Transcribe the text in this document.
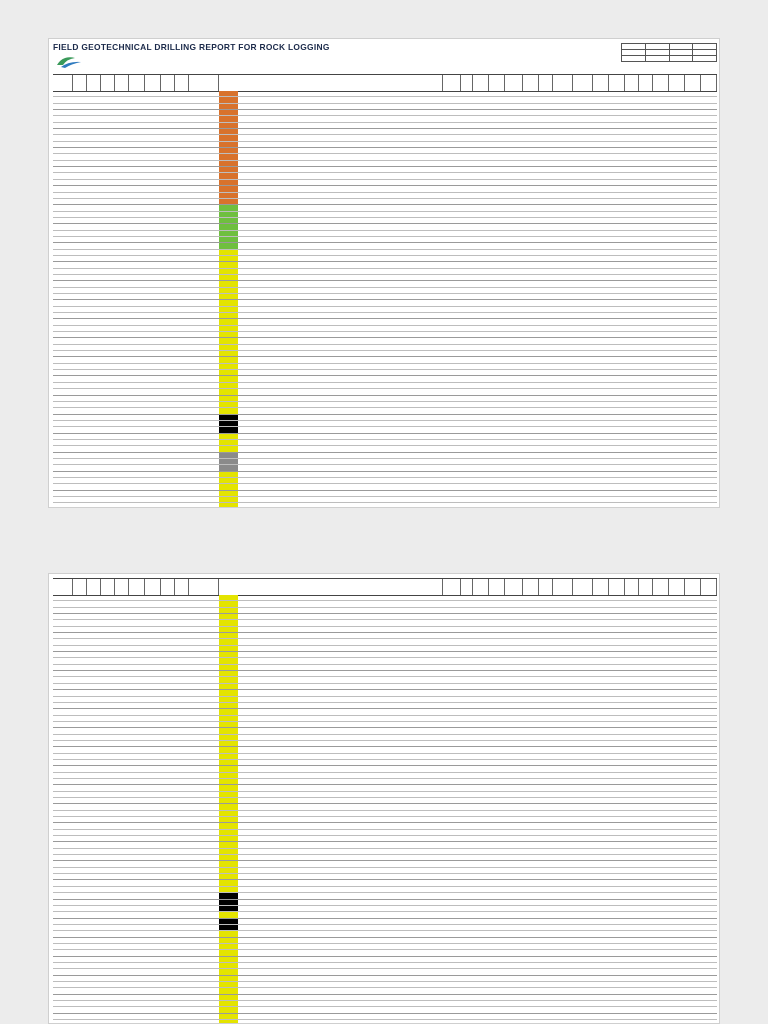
FIELD GEOTECHNICAL DRILLING REPORT FOR ROCK LOGGING
